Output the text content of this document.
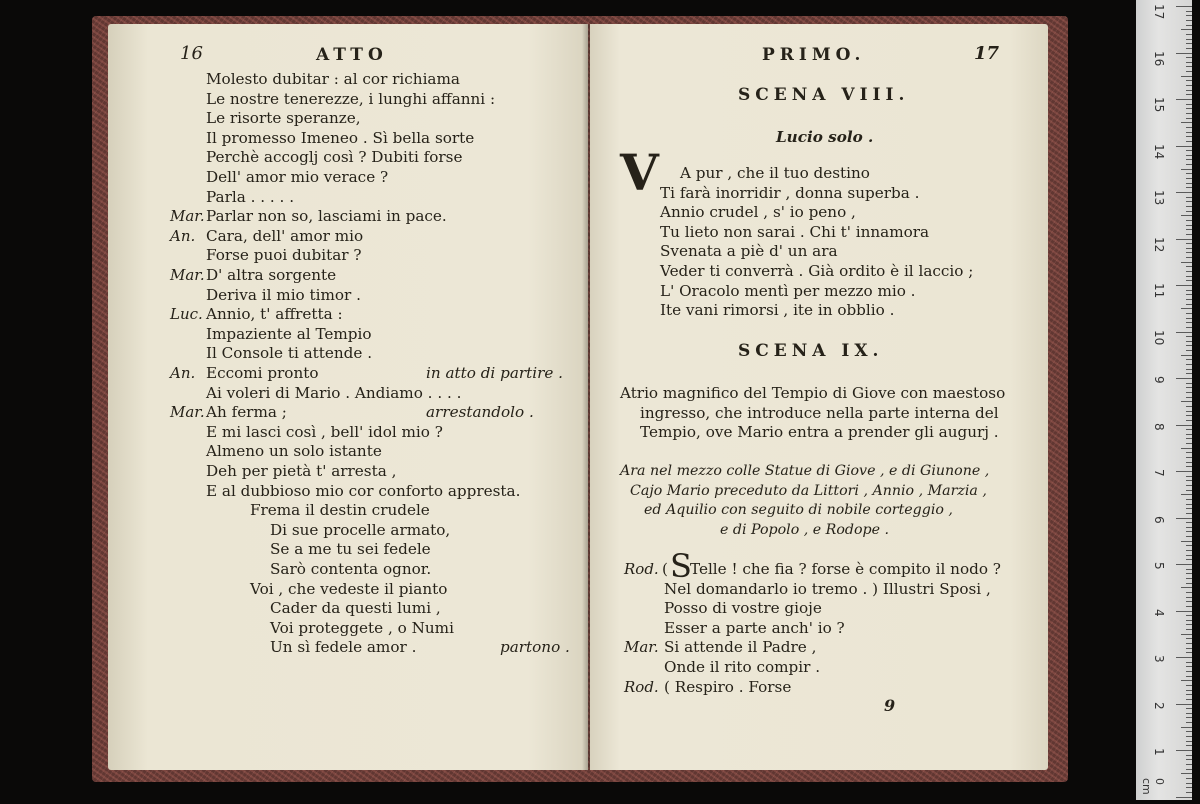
16	ATTO
Molesto dubitar : al cor richiama
Le nostre tenerezze, i lunghi affanni :
Le risorte speranze,
Il promesso Imeneo . Sì bella sorte
Perchè accoglj così ? Dubiti forse
Dell' amor mio verace ?
Parla . . . . .
Mar. Parlar non so, lasciami in pace.
An. Cara, dell' amor mio
Forse puoi dubitar ?
Mar. D' altra sorgente
Deriva il mio timor .
Luc. Annio, t' affretta :
Impaziente al Tempio
Il Console ti attende .
An. Eccomi pronto	in atto di partire .
Ai voleri di Mario . Andiamo . . . .
Mar. Ah ferma ;	arrestandolo .
E mi lasci così , bell' idol mio ?
Almeno un solo istante
Deh per pietà t' arresta ,
E al dubbioso mio cor conforto appresta.
Frema il destin crudele
Di sue procelle armato,
Se a me tu sei fedele
Sarò contenta ognor.
Voi , che vedeste il pianto
Cader da questi lumi ,
Voi proteggete , o Numi
Un sì fedele amor .	partono .
PRIMO.	17
SCENA VIII.
Lucio solo .
V A pur , che il tuo destino
Ti farà inorridir , donna superba .
Annio crudel , s' io peno ,
Tu lieto non sarai . Chi t' innamora
Svenata a piè d' un ara
Veder ti converrà . Già ordito è il laccio ;
L' Oracolo mentì per mezzo mio .
Ite vani rimorsi , ite in obblio .
SCENA IX.
Atrio magnifico del Tempio di Giove con maestoso
ingresso, che introduce nella parte interna del
Tempio, ove Mario entra a prender gli augurj .
Ara nel mezzo colle Statue di Giove , e di Giunone ,
Cajo Mario preceduto da Littori , Annio , Marzia ,
ed Aquilio con seguito di nobile corteggio ,
e di Popolo , e Rodope .
Rod. ( S
Telle ! che fia ? forse è compito il nodo ?
Nel domandarlo io tremo . ) Illustri Sposi ,
Posso di vostre gioje
Esser a parte anch' io ?
Mar. Si attende il Padre ,
Onde il rito compir .
Rod. ( Respiro . Forse
9
17
16
15
14
13
12
11
10
9
8
7
6
5
4
3
2
1
0 cm
